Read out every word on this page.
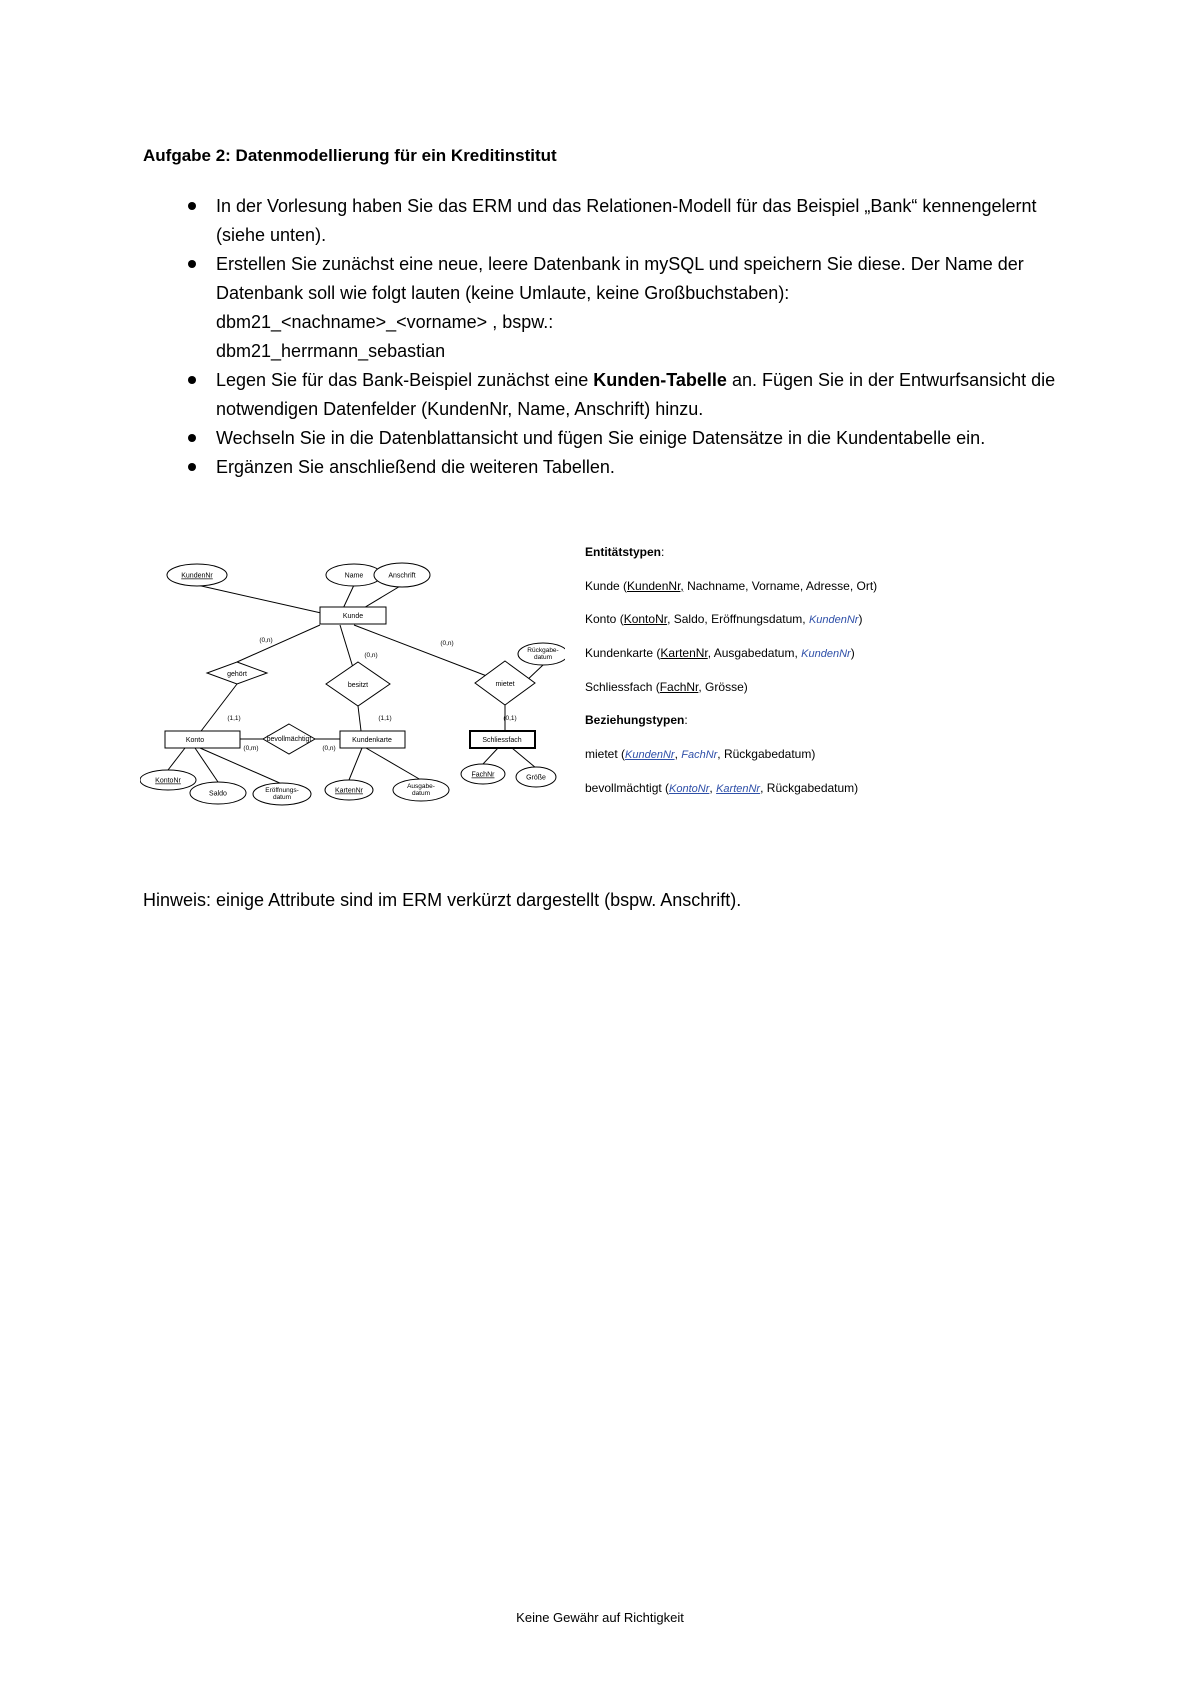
Aufgabe 2: Datenmodellierung für ein Kreditinstitut
In der Vorlesung haben Sie das ERM und das Relationen-Modell für das Beispiel „Bank“ kennengelernt (siehe unten).
Erstellen Sie zunächst eine neue, leere Datenbank in mySQL und speichern Sie diese. Der Name der Datenbank soll wie folgt lauten (keine Umlaute, keine Großbuchstaben):
dbm21_<nachname>_<vorname> , bspw.:
dbm21_herrmann_sebastian
Legen Sie für das Bank-Beispiel zunächst eine Kunden-Tabelle an. Fügen Sie in der Entwurfsansicht die notwendigen Datenfelder (KundenNr, Name, Anschrift) hinzu.
Wechseln Sie in die Datenblattansicht und fügen Sie einige Datensätze in die Kundentabelle ein.
Ergänzen Sie anschließend die weiteren Tabellen.
KundenNr	Name	Anschrift
Kunde
Konto	Kundenkarte	Schliessfach
gehört
besitzt	mietet
bevollmächtigt
Rückgabe-
datum
KontoNr
Saldo	Eröffnungs-
datum
KartenNr
Ausgabe-
datum
FachNr	Größe
(0,n)
(0,n)
(0,n)
(1,1)	(1,1)	(0,1)
(0,m)	(0,n)
Entitätstypen:
Kunde (KundenNr, Nachname, Vorname, Adresse, Ort)
Konto (KontoNr, Saldo, Eröffnungsdatum, KundenNr)
Kundenkarte (KartenNr, Ausgabedatum, KundenNr)
Schliessfach (FachNr, Grösse)
Beziehungstypen:
mietet (KundenNr, FachNr, Rückgabedatum)
bevollmächtigt (KontoNr, KartenNr, Rückgabedatum)

Hinweis: einige Attribute sind im ERM verkürzt dargestellt (bspw. Anschrift).

Keine Gewähr auf Richtigkeit
